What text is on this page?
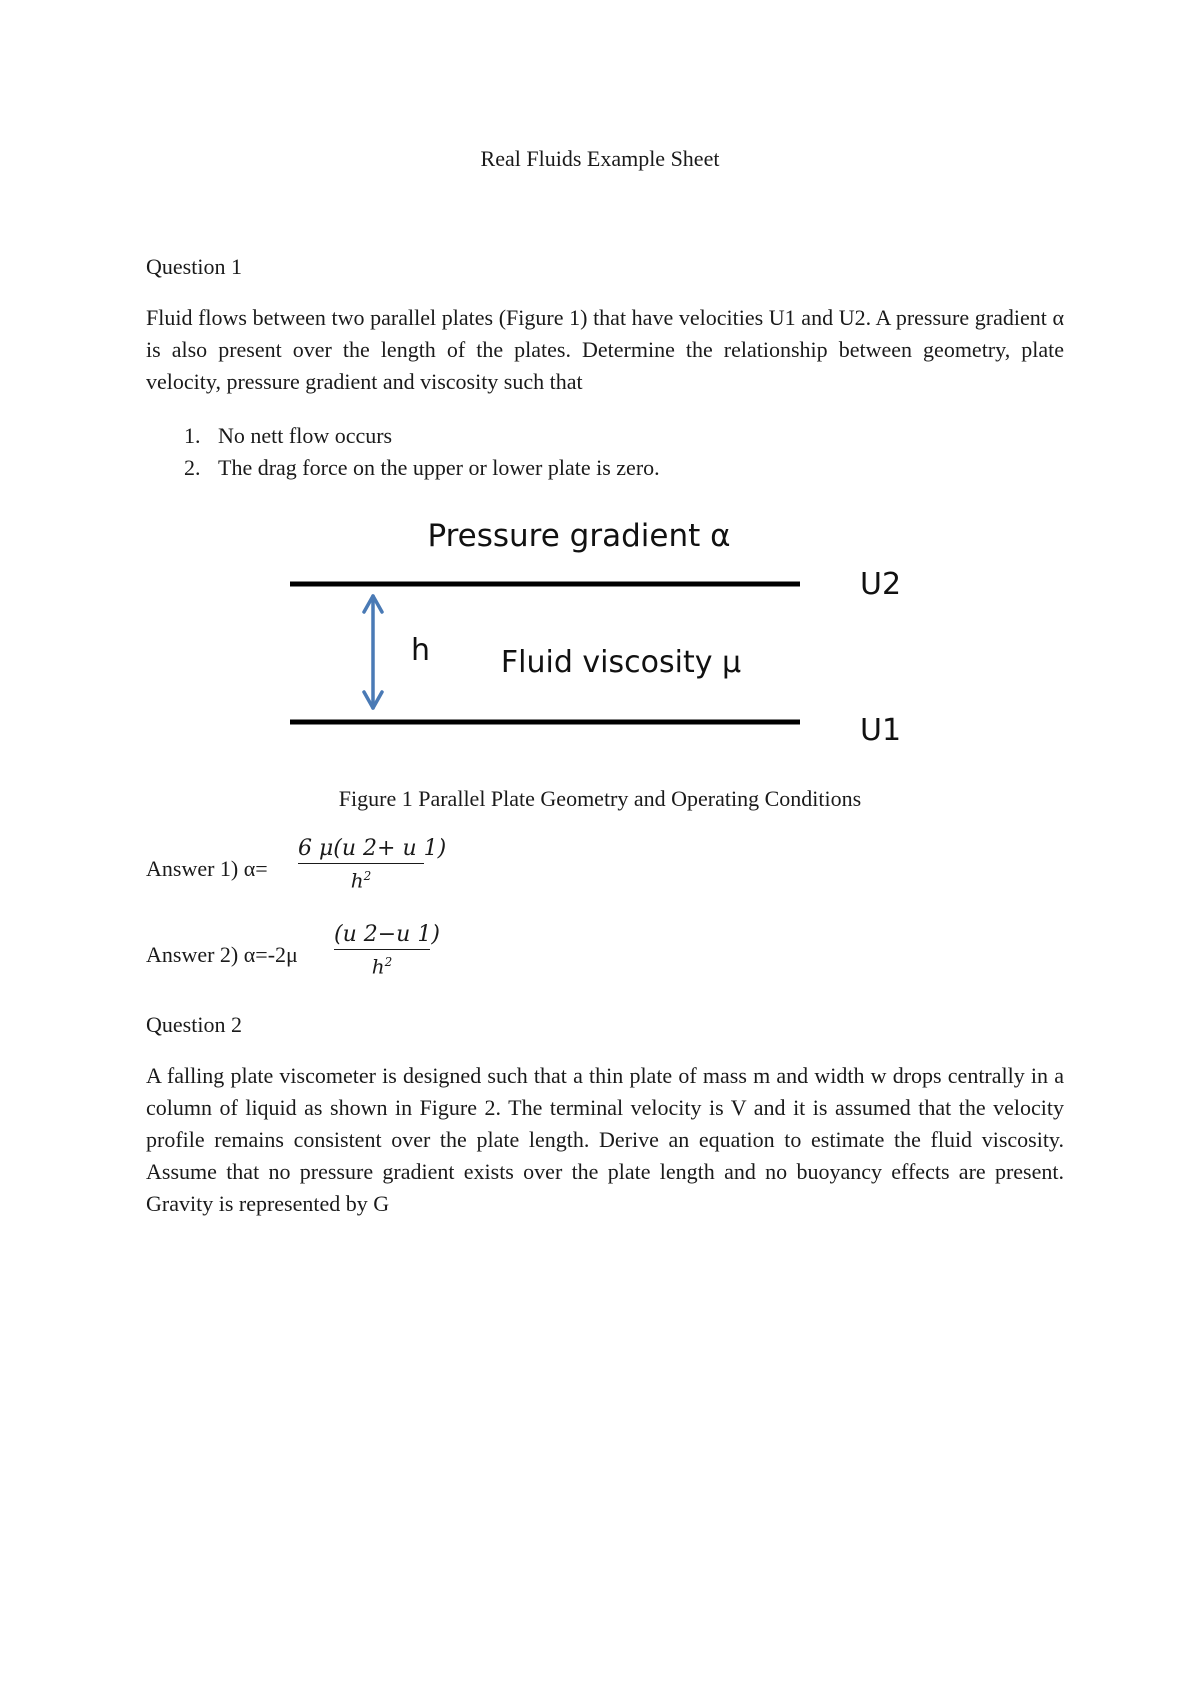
Real Fluids Example Sheet
Question 1
Fluid flows between two parallel plates (Figure 1) that have velocities U1 and U2. A pressure gradient α is also present over the length of the plates. Determine the relationship between geometry, plate velocity, pressure gradient and viscosity such that
1. No nett flow occurs
2. The drag force on the upper or lower plate is zero.
Pressure gradient α
U2
h Fluid viscosity μ
U1
Figure 1 Parallel Plate Geometry and Operating Conditions
Answer 1) α=
6 μ(u 2+ u 1)
$h^2$
Answer 2) α=-2μ
(u 2−u 1)
$h^2$
Question 2
A falling plate viscometer is designed such that a thin plate of mass m and width w drops centrally in a column of liquid as shown in Figure 2. The terminal velocity is V and it is assumed that the velocity profile remains consistent over the plate length. Derive an equation to estimate the fluid viscosity. Assume that no pressure gradient exists over the plate length and no buoyancy effects are present. Gravity is represented by G
